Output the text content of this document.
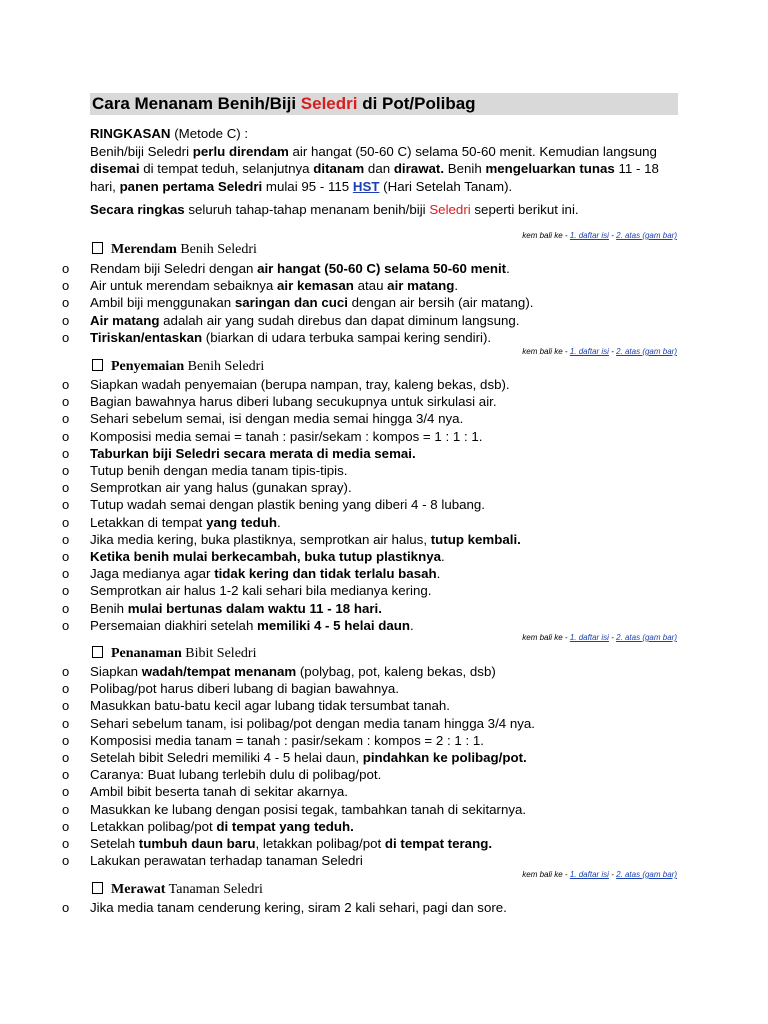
Cara Menanam Benih/Biji Seledri di Pot/Polibag

RINGKASAN (Metode C) :

Benih/biji Seledri perlu direndam air hangat (50-60 C) selama 50-60 menit. Kemudian langsung disemai di tempat teduh, selanjutnya ditanam dan dirawat. Benih mengeluarkan tunas 11 - 18 hari, panen pertama Seledri mulai 95 - 115 HST (Hari Setelah Tanam).

Secara ringkas seluruh tahap-tahap menanam benih/biji Seledri seperti berikut ini.
kem bali ke - 1. daftar isi - 2. atas (gam bar)
kem bali ke - 1. daftar isi - 2. atas (gam bar)
kem bali ke - 1. daftar isi - 2. atas (gam bar)
kem bali ke - 1. daftar isi - 2. atas (gam bar)
Merendam Benih Seledri
Penyemaian Benih Seledri
Penanaman Bibit Seledri
Merawat Tanaman Seledri
o Rendam biji Seledri dengan air hangat (50-60 C) selama 50-60 menit.
o Air untuk merendam sebaiknya air kemasan atau air matang.
o Ambil biji menggunakan saringan dan cuci dengan air bersih (air matang).
o Air matang adalah air yang sudah direbus dan dapat diminum langsung.
o Tiriskan/entaskan (biarkan di udara terbuka sampai kering sendiri).
o Siapkan wadah penyemaian (berupa nampan, tray, kaleng bekas, dsb).
o Bagian bawahnya harus diberi lubang secukupnya untuk sirkulasi air.
o Sehari sebelum semai, isi dengan media semai hingga 3/4 nya.
o Komposisi media semai = tanah : pasir/sekam : kompos = 1 : 1 : 1.
o Taburkan biji Seledri secara merata di media semai.
o Tutup benih dengan media tanam tipis-tipis.
o Semprotkan air yang halus (gunakan spray).
o Tutup wadah semai dengan plastik bening yang diberi 4 - 8 lubang.
o Letakkan di tempat yang teduh.
o Jika media kering, buka plastiknya, semprotkan air halus, tutup kembali.
o Ketika benih mulai berkecambah, buka tutup plastiknya.
o Jaga medianya agar tidak kering dan tidak terlalu basah.
o Semprotkan air halus 1-2 kali sehari bila medianya kering.
o Benih mulai bertunas dalam waktu 11 - 18 hari.
o Persemaian diakhiri setelah memiliki 4 - 5 helai daun.
o Siapkan wadah/tempat menanam (polybag, pot, kaleng bekas, dsb)
o Polibag/pot harus diberi lubang di bagian bawahnya.
o Masukkan batu-batu kecil agar lubang tidak tersumbat tanah.
o Sehari sebelum tanam, isi polibag/pot dengan media tanam hingga 3/4 nya.
o Komposisi media tanam = tanah : pasir/sekam : kompos = 2 : 1 : 1.
o Setelah bibit Seledri memiliki 4 - 5 helai daun, pindahkan ke polibag/pot.
o Caranya: Buat lubang terlebih dulu di polibag/pot.
o Ambil bibit beserta tanah di sekitar akarnya.
o Masukkan ke lubang dengan posisi tegak, tambahkan tanah di sekitarnya.
o Letakkan polibag/pot di tempat yang teduh.
o Setelah tumbuh daun baru, letakkan polibag/pot di tempat terang.
o Lakukan perawatan terhadap tanaman Seledri
o Jika media tanam cenderung kering, siram 2 kali sehari, pagi dan sore.
